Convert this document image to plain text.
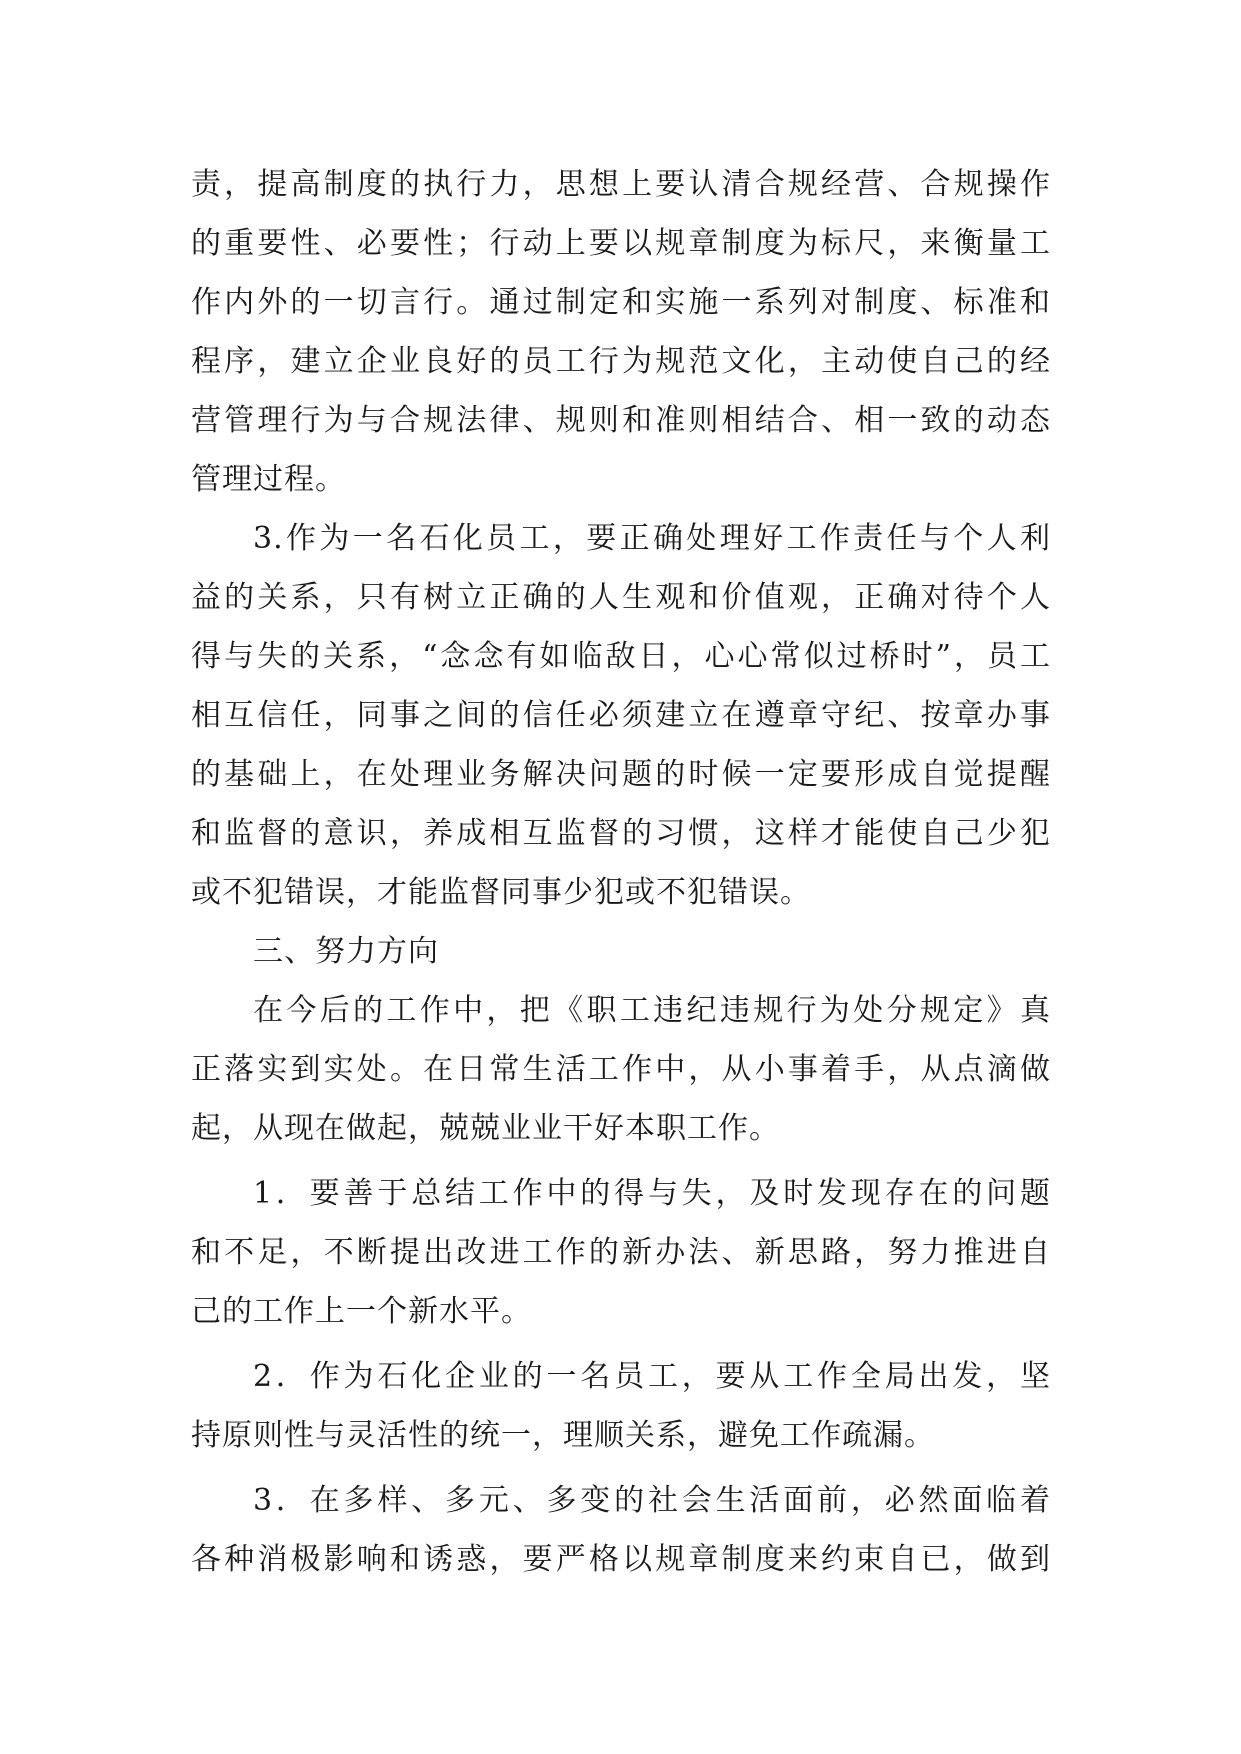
责，提高制度的执行力，思想上要认清合规经营、合规操作
的重要性、必要性；行动上要以规章制度为标尺，来衡量工
作内外的一切言行。通过制定和实施一系列对制度、标准和
程序，建立企业良好的员工行为规范文化，主动使自己的经
营管理行为与合规法律、规则和准则相结合、相一致的动态
管理过程。
3.作为一名石化员工，要正确处理好工作责任与个人利
益的关系，只有树立正确的人生观和价值观，正确对待个人
得与失的关系，“念念有如临敌日，心心常似过桥时”，员工
相互信任，同事之间的信任必须建立在遵章守纪、按章办事
的基础上，在处理业务解决问题的时候一定要形成自觉提醒
和监督的意识，养成相互监督的习惯，这样才能使自己少犯
或不犯错误，才能监督同事少犯或不犯错误。
三、努力方向
在今后的工作中，把《职工违纪违规行为处分规定》真
正落实到实处。在日常生活工作中，从小事着手，从点滴做
起，从现在做起，兢兢业业干好本职工作。
1．要善于总结工作中的得与失，及时发现存在的问题
和不足，不断提出改进工作的新办法、新思路，努力推进自
己的工作上一个新水平。
2．作为石化企业的一名员工，要从工作全局出发，坚
持原则性与灵活性的统一，理顺关系，避免工作疏漏。
3．在多样、多元、多变的社会生活面前，必然面临着
各种消极影响和诱惑，要严格以规章制度来约束自已，做到
